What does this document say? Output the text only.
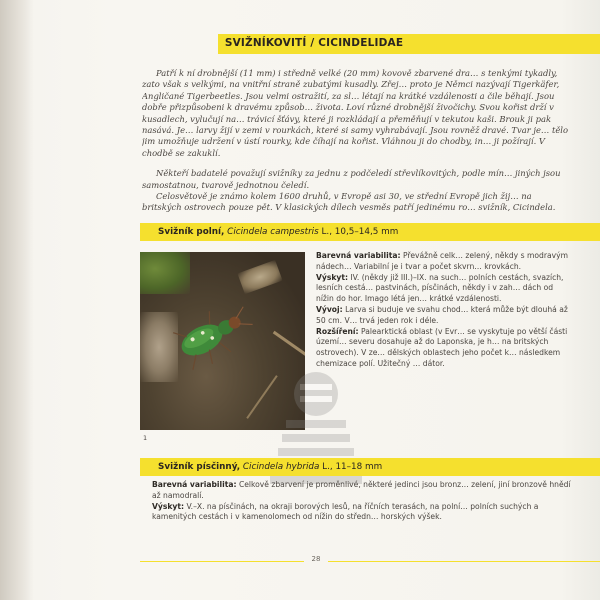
SVIŽNÍKOVITÍ / CICINDELIDAE

Patří k ní drobnější (11 mm) i středně velké (20 mm) kovově zbarvené dra… s tenkými tykadly, zato však s velkými, na vnitřní straně zubatými kusadly. Zřej… proto je Němci nazývají Tigerkäfer, Angličané Tigerbeetles. Jsou velmi ostražití, za sl… létají na krátké vzdálenosti a čile běhají. Jsou dobře přizpůsobeni k dravému způsob… života. Loví různé drobnější živočichy. Svou kořist drží v kusadlech, vylučují na… trávicí šťávy, které ji rozkládají a přeměňují v tekutou kaši. Brouk ji pak nasává. Je… larvy žijí v zemi v rourkách, které si samy vyhrabávají. Jsou rovněž dravé. Tvar je… tělo jim umožňuje udržení v ústí rourky, kde číhají na kořist. Vláhnou ji do chodby, in… ji požírají. V chodbě se zakuklí.

Někteří badatelé považují svižníky za jednu z podčeledí střevlíkovitých, podle mín… jiných jsou samostatnou, tvarově jednotnou čeledí.

Celosvětově je známo kolem 1600 druhů, v Evropě asi 30, ve střední Evropě jich žij… na britských ostrovech pouze pět. V klasických dílech vesměs patří jedinému ro… svižník, Cicindela.

Svižník polní, Cicindela campestris L., 10,5–14,5 mm
1

Barevná variabilita: Převážně celk… zelený, někdy s modravým nádech… Variabilní je i tvar a počet skvrn… krovkách.

Výskyt: IV. (někdy již III.)–IX. na such… polních cestách, svazích, lesních cestá… pastvinách, písčinách, někdy i v zah… dách od nížin do hor. Imago létá jen… krátké vzdálenosti.

Vývoj: Larva si buduje ve svahu chod… která může být dlouhá až 50 cm. V… trvá jeden rok i déle.

Rozšíření: Palearktická oblast (v Evr… se vyskytuje po větší části území… severu dosahuje až do Laponska, je h… na britských ostrovech). V ze… dělských oblastech jeho počet k… následkem chemizace polí. Užitečný … dátor.

Svižník písčinný, Cicindela hybrida L., 11–18 mm

Barevná variabilita: Celkově zbarvení je proměnlivé, některé jedinci jsou bronz… zelení, jiní bronzově hnědí až namodralí.

Výskyt: V.–X. na písčinách, na okraji borových lesů, na říčních terasách, na polní… polních suchých a kamenitých cestách i v kamenolomech od nížin do středn… horských výšek.

28
